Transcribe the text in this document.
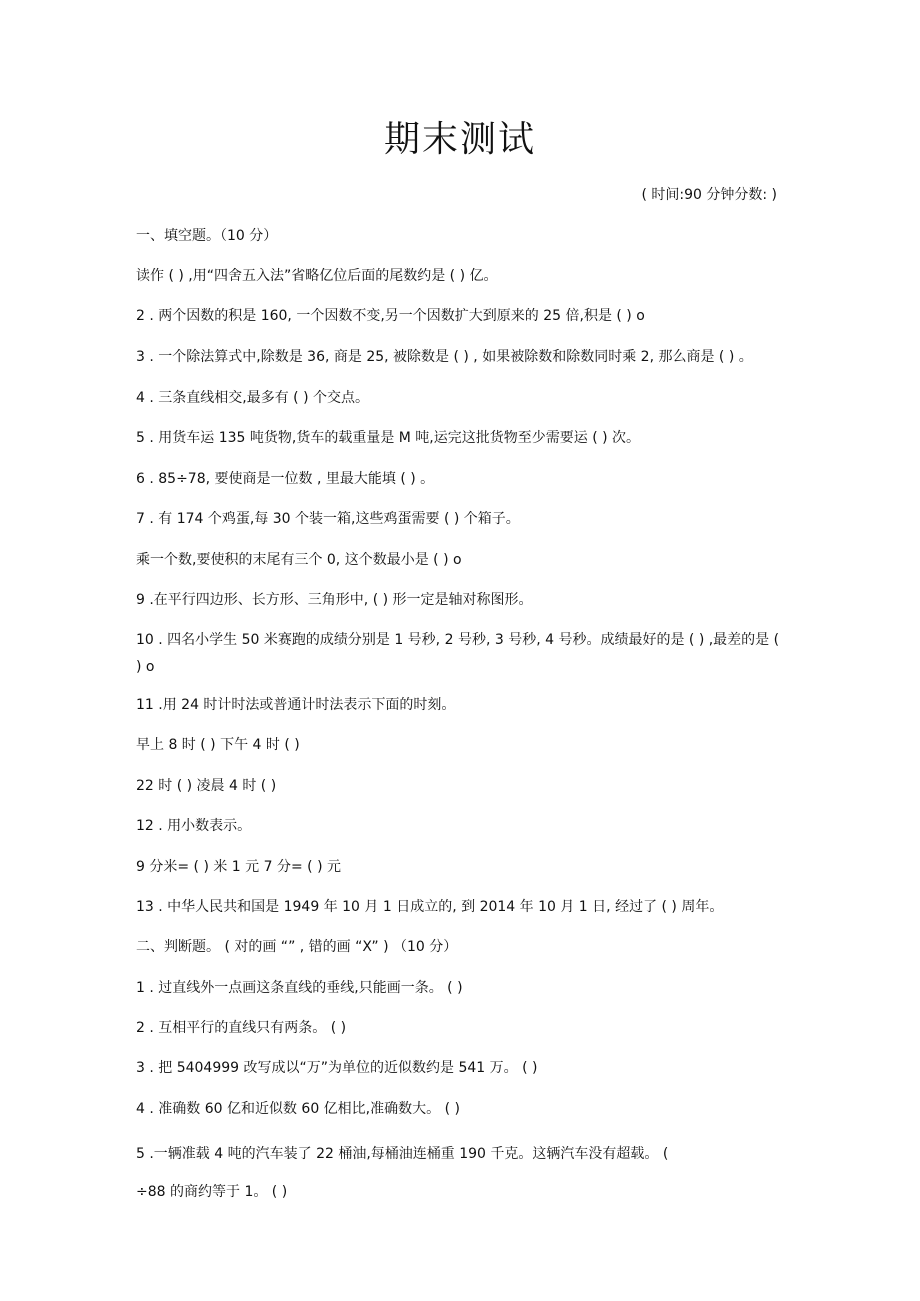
期末测试
( 时间:90 分钟分数: )
一、填空题。（10 分）
读作 ( ) ,用“四舍五入法”省略亿位后面的尾数约是 ( ) 亿。
2 . 两个因数的积是 160, 一个因数不变,另一个因数扩大到原来的 25 倍,积是 ( ) o
3 . 一个除法算式中,除数是 36, 商是 25, 被除数是 ( ) , 如果被除数和除数同时乘 2, 那么商是 ( ) 。
4 . 三条直线相交,最多有 ( ) 个交点。
5 . 用货车运 135 吨货物,货车的载重量是 M 吨,运完这批货物至少需要运 ( ) 次。
6 . 85÷78, 要使商是一位数 , 里最大能填 ( ) 。
7 . 有 174 个鸡蛋,每 30 个装一箱,这些鸡蛋需要 ( ) 个箱子。
乘一个数,要使积的末尾有三个 0, 这个数最小是 ( ) o
9 .在平行四边形、长方形、三角形中, ( ) 形一定是轴对称图形。
10 . 四名小学生 50 米赛跑的成绩分别是 1 号秒, 2 号秒, 3 号秒, 4 号秒。成绩最好的是 ( ) ,最差的是 ( ) o
11 .用 24 时计时法或普通计时法表示下面的时刻。
早上 8 时 ( ) 下午 4 时 ( )
22 时 ( ) 凌晨 4 时 ( )
12 . 用小数表示。
9 分米= ( ) 米 1 元 7 分= ( ) 元
13 . 中华人民共和国是 1949 年 10 月 1 日成立的, 到 2014 年 10 月 1 日, 经过了 ( ) 周年。
二、判断题。 ( 对的画 “” , 错的画 “X” ) （10 分）
1 . 过直线外一点画这条直线的垂线,只能画一条。 ( )
2 . 互相平行的直线只有两条。 ( )
3 . 把 5404999 改写成以“万”为单位的近似数约是 541 万。 ( )
4 . 准确数 60 亿和近似数 60 亿相比,准确数大。 ( )
5 .一辆准载 4 吨的汽车装了 22 桶油,每桶油连桶重 190 千克。这辆汽车没有超载。 (
÷88 的商约等于 1。 ( )
